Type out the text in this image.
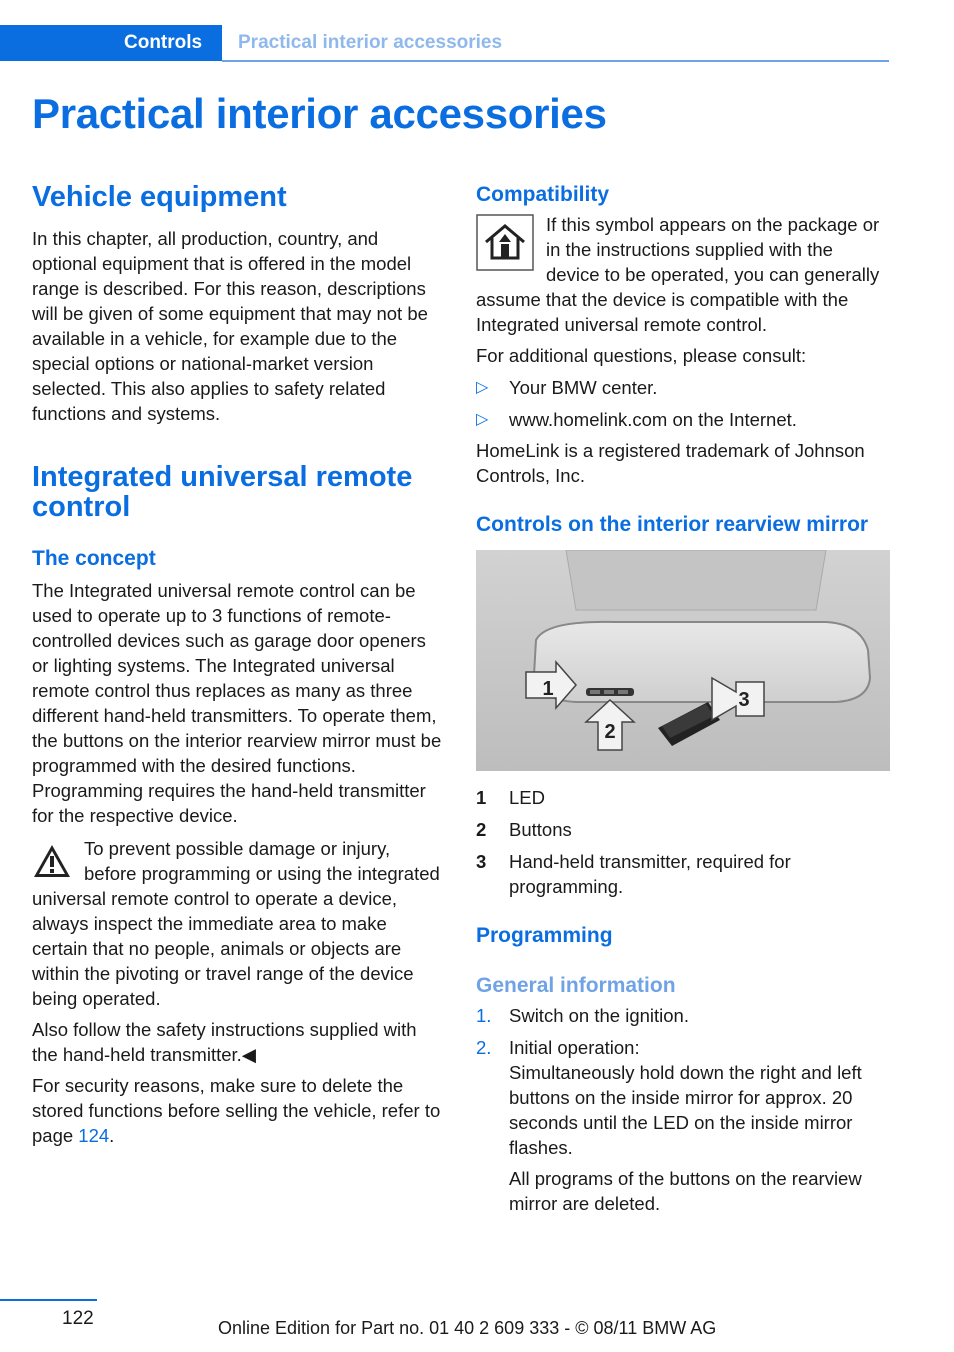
Controls Practical interior accessories
Practical interior accessories
Vehicle equipment

In this chapter, all production, country, and optional equipment that is offered in the model range is described. For this reason, descriptions will be given of some equipment that may not be available in a vehicle, for example due to the special options or national-market version selected. This also applies to safety related functions and systems.

Integrated universal remote control
The concept

The Integrated universal remote control can be used to operate up to 3 functions of remote-controlled devices such as garage door openers or lighting systems. The Integrated universal remote control thus replaces as many as three different hand-held transmitters. To operate them, the buttons on the interior rearview mirror must be programmed with the desired functions. Programming requires the hand-held transmitter for the respective device.

To prevent possible damage or injury, before programming or using the integrated universal remote control to operate a device, always inspect the immediate area to make certain that no people, animals or objects are within the pivoting or travel range of the device being operated.

Also follow the safety instructions supplied with the hand-held transmitter.◀

For security reasons, make sure to delete the stored functions before selling the vehicle, refer to page 124.

Compatibility

If this symbol appears on the package or in the instructions supplied with the device to be operated, you can generally assume that the device is compatible with the Integrated universal remote control.

For additional questions, please consult:

▷	Your BMW center.
▷	www.homelink.com on the Internet.

HomeLink is a registered trademark of Johnson Controls, Inc.

Controls on the interior rearview mirror
1
2
3
1	LED
2	Buttons
3	Hand-held transmitter, required for programming.
Programming
General information
1. Switch on the ignition.
2. Initial operation:
Simultaneously hold down the right and left buttons on the inside mirror for approx. 20 seconds until the LED on the inside mirror flashes.
All programs of the buttons on the rearview mirror are deleted.
122	Online Edition for Part no. 01 40 2 609 333 - © 08/11 BMW AG
